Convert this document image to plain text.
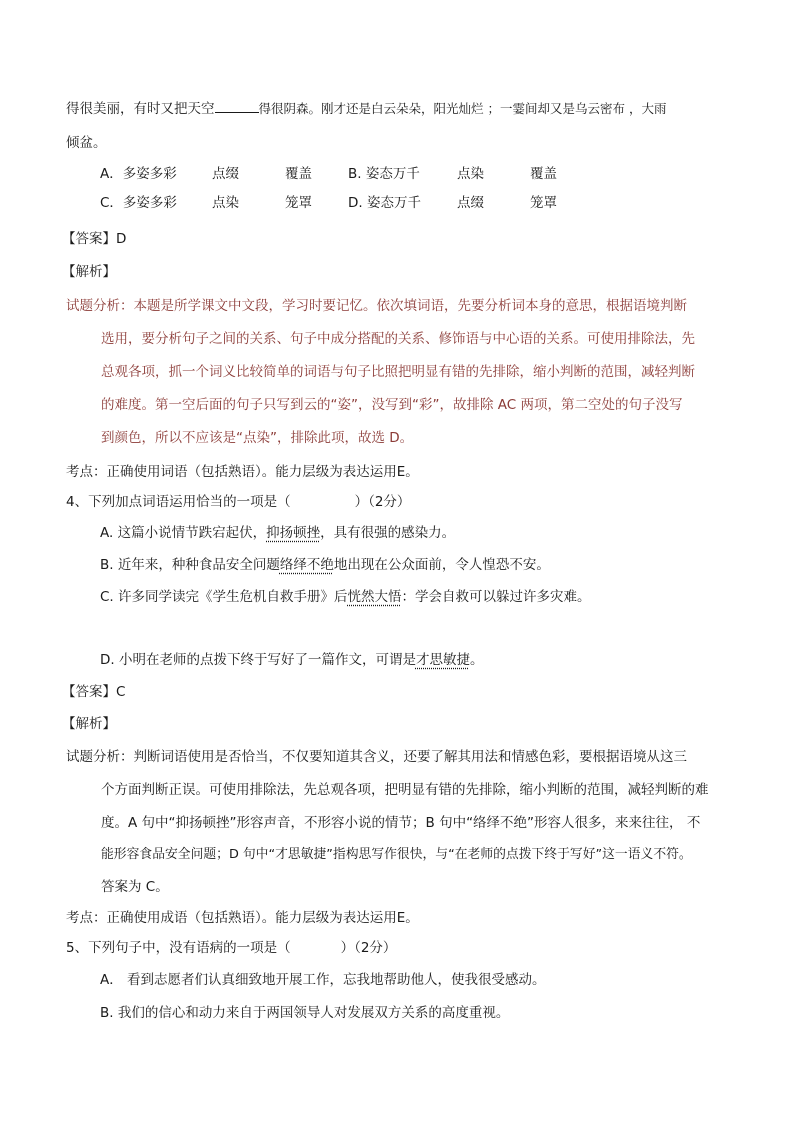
得很美丽，有时又把天空	得很阴森。刚才还是白云朵朵，阳光灿烂 ；一霎间却又是乌云密布 ，大雨
倾盆。
A．多姿多彩	点缀	覆盖	B. 姿态万千	点染	覆盖
C．多姿多彩	点染	笼罩	D. 姿态万千	点缀	笼罩
【答案】D
【解析】
试题分析：本题是所学课文中文段，学习时要记忆。依次填词语，先要分析词本身的意思，根据语境判断
选用，要分析句子之间的关系、句子中成分搭配的关系、修饰语与中心语的关系。可使用排除法，先
总观各项，抓一个词义比较简单的词语与句子比照把明显有错的先排除，缩小判断的范围，减轻判断
的难度。第一空后面的句子只写到云的“姿”，没写到“彩”，故排除 AC 两项，第二空处的句子没写
到颜色，所以不应该是“点染”，排除此项，故选 D。
考点：正确使用词语（包括熟语）。能力层级为表达运用E。
4、下列加点词语运用恰当的一项是（	）（2分）
A. 这篇小说情节跌宕起伏，抑扬顿挫，具有很强的感染力。
B. 近年来，种种食品安全问题络绎不绝地出现在公众面前，令人惶恐不安。
C. 许多同学读完《学生危机自救手册》后恍然大悟：学会自救可以躲过许多灾难。
D. 小明在老师的点拨下终于写好了一篇作文，可谓是才思敏捷。
【答案】C
【解析】
试题分析：判断词语使用是否恰当，不仅要知道其含义，还要了解其用法和情感色彩，要根据语境从这三
个方面判断正误。可使用排除法，先总观各项，把明显有错的先排除，缩小判断的范围，减轻判断的难
度。A 句中“抑扬顿挫”形容声音，不形容小说的情节；B 句中“络绎不绝”形容人很多，来来往往， 不
能形容食品安全问题；D 句中“才思敏捷”指构思写作很快，与“在老师的点拨下终于写好”这一语义不符。
答案为 C。
考点：正确使用成语（包括熟语）。能力层级为表达运用E。
5、下列句子中，没有语病的一项是（	）（2分）
A． 看到志愿者们认真细致地开展工作，忘我地帮助他人，使我很受感动。
B. 我们的信心和动力来自于两国领导人对发展双方关系的高度重视。
